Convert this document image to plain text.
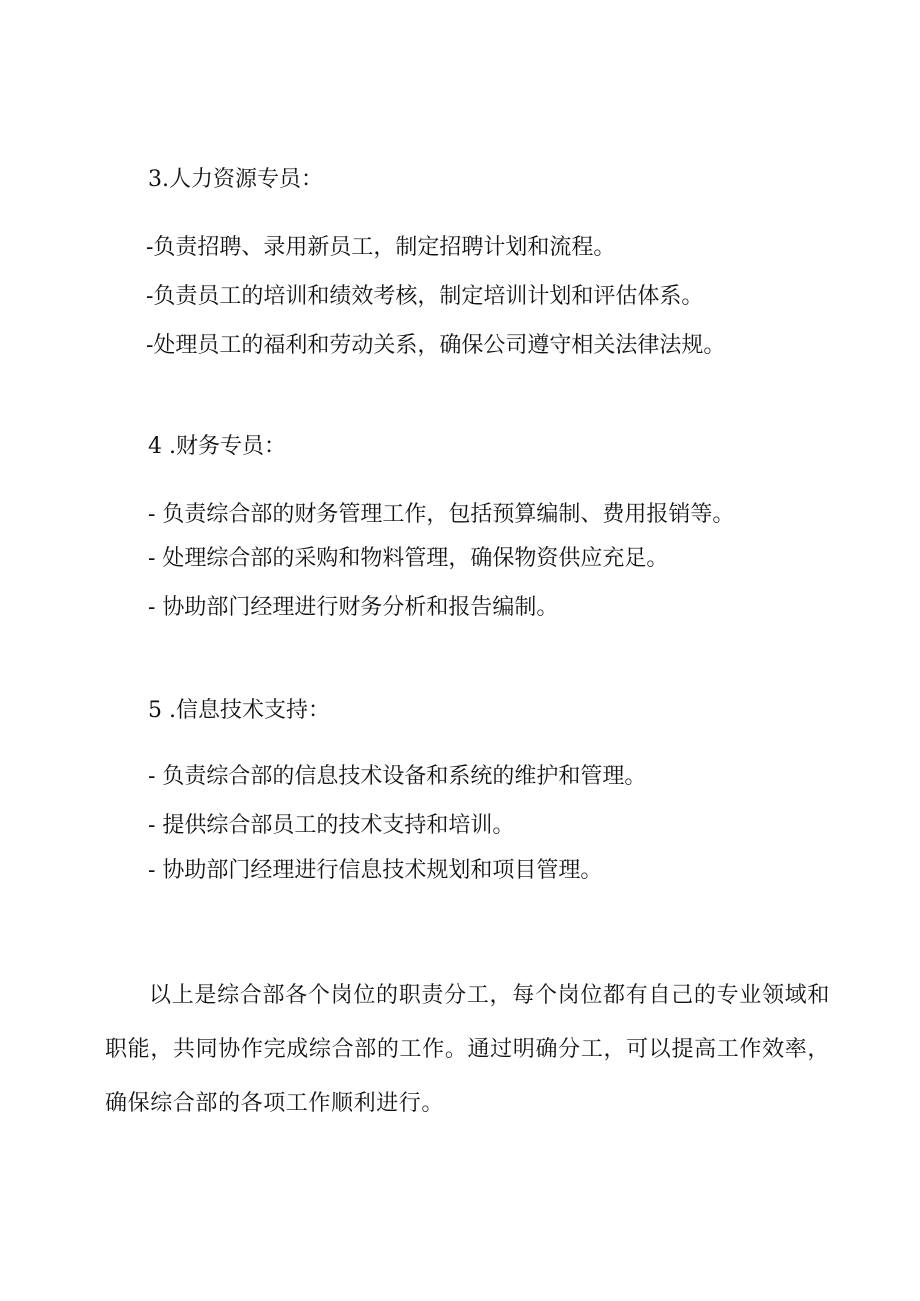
3.人力资源专员：
-负责招聘、录用新员工，制定招聘计划和流程。
-负责员工的培训和绩效考核，制定培训计划和评估体系。
-处理员工的福利和劳动关系，确保公司遵守相关法律法规。
4 .财务专员：
- 负责综合部的财务管理工作，包括预算编制、费用报销等。
- 处理综合部的采购和物料管理，确保物资供应充足。
- 协助部门经理进行财务分析和报告编制。
5 .信息技术支持：
- 负责综合部的信息技术设备和系统的维护和管理。
- 提供综合部员工的技术支持和培训。
- 协助部门经理进行信息技术规划和项目管理。

以上是综合部各个岗位的职责分工，每个岗位都有自己的专业领域和职能，共同协作完成综合部的工作。通过明确分工，可以提高工作效率，确保综合部的各项工作顺利进行。
